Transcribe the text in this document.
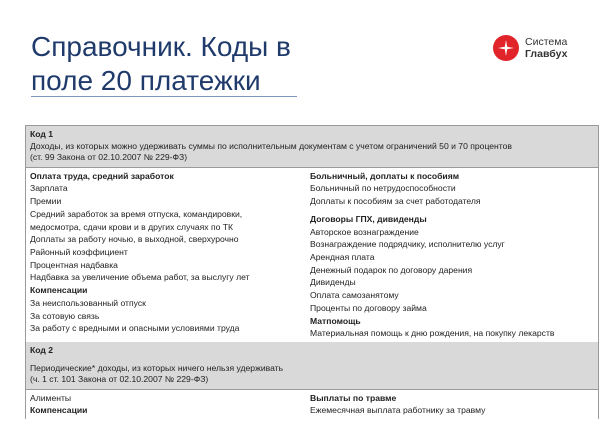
Справочник. Коды в
поле 20 платежки
Система
Главбух
Код 1
Доходы, из которых можно удерживать суммы по исполнительным документам с учетом ограничений 50 и 70 процентов
(ст. 99 Закона от 02.10.2007 № 229-ФЗ)
Оплата труда, средний заработок
Зарплата
Премии
Средний заработок за время отпуска, командировки,
медосмотра, сдачи крови и в других случаях по ТК
Доплаты за работу ночью, в выходной, сверхурочно
Районный коэффициент
Процентная надбавка
Надбавка за увеличение объема работ, за выслугу лет
Компенсации
За неиспользованный отпуск
За сотовую связь
За работу с вредными и опасными условиями труда
Больничный, доплаты к пособиям
Больничный по нетрудоспособности
Доплаты к пособиям за счет работодателя
Договоры ГПХ, дивиденды
Авторское вознаграждение
Вознаграждение подрядчику, исполнителю услуг
Арендная плата
Денежный подарок по договору дарения
Дивиденды
Оплата самозанятому
Проценты по договору займа
Матпомощь
Материальная помощь к дню рождения, на покупку лекарств
Код 2
Периодические* доходы, из которых ничего нельзя удерживать
(ч. 1 ст. 101 Закона от 02.10.2007 № 229-ФЗ)
Алименты
Компенсации
Выплаты по травме
Ежемесячная выплата работнику за травму
